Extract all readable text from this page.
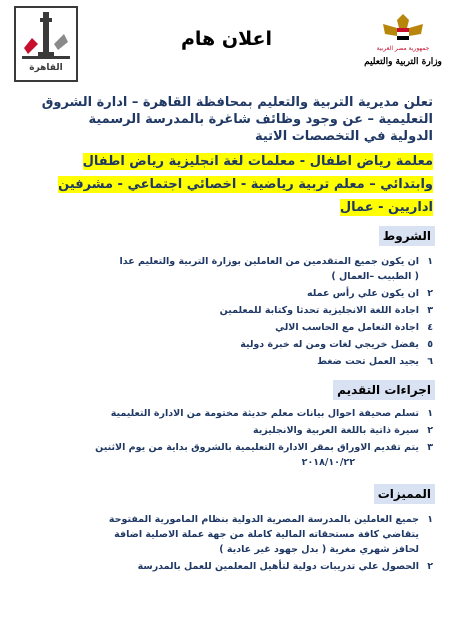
القاهرة
اعلان هام	جمهورية مصر العربية
وزارة التربية والتعليم

تعلن مديرية التربية والتعليم بمحافظة القاهرة – ادارة الشروق

التعليمية – عن وجود وظائف شاغرة بالمدرسة الرسمية

الدولية في التخصصات الاتية

معلمة رياض اطفال - معلمات لغة انجليزية رياض اطفال
وابتدائي – معلم تربية رياضية - اخصائي اجتماعي - مشرفين
اداريين - عمال
الشروط
١
ان يكون جميع المتقدمين من العاملين بوزارة التربية والتعليم عدا
( الطبيب –العمال )
٢
ان يكون علي رأس عمله
٣
اجادة اللغة الانجليزية تحدثا وكتابة للمعلمين
٤
اجادة التعامل مع الحاسب الالي
٥
يفضل خريجي لغات ومن له خبرة دولية
٦
يجيد العمل تحت ضغط
اجراءات التقديم
١
تسلم صحيفة احوال بيانات معلم حديثة مختومة من الادارة التعليمية
٢
سيرة ذاتية باللغة العربية والانجليزية
٣
يتم تقديم الاوراق بمقر الادارة التعليمية بالشروق بداية من يوم الاثنين
٢٠١٨/١٠/٢٢
المميزات
١
جميع العاملين بالمدرسة المصرية الدولية بنظام المامورية المفتوحة
يتقاضي كافة مستحقاته المالية كاملة من جهة عملة الاصلية اضافة
لحافز شهري مغرية ( بدل جهود غير عادية )
٢
الحصول علي تدريبات دولية لتأهيل المعلمين للعمل بالمدرسة
